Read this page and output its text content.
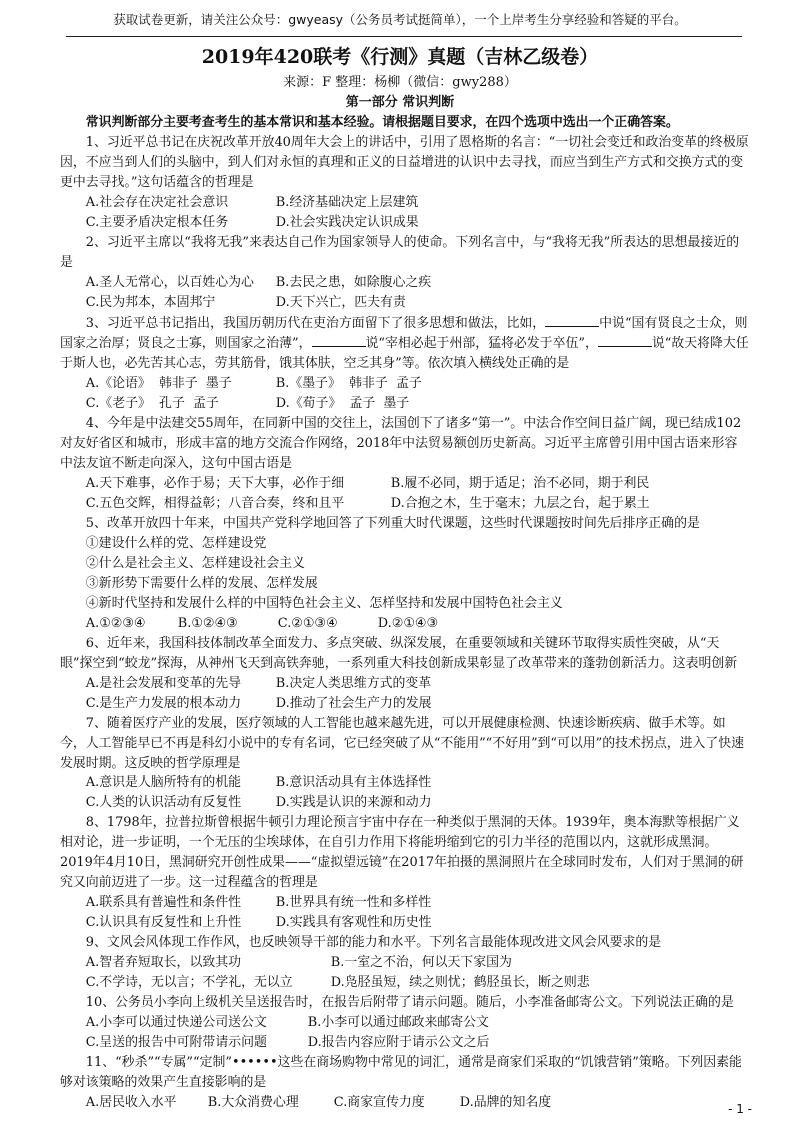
获取试卷更新，请关注公众号：gwyeasy（公务员考试挺简单），一个上岸考生分享经验和答疑的平台。
2019年420联考《行测》真题（吉林乙级卷）
来源：F 整理：杨柳（微信：gwy288）
第一部分 常识判断

常识判断部分主要考查考生的基本常识和基本经验。请根据题目要求，在四个选项中选出一个正确答案。

1、习近平总书记在庆祝改革开放40周年大会上的讲话中，引用了恩格斯的名言：“一切社会变迁和政治变革的终极原因，不应当到人们的头脑中，到人们对永恒的真理和正义的日益增进的认识中去寻找，而应当到生产方式和交换方式的变更中去寻找。”这句话蕴含的哲理是

A.社会存在决定社会意识	B.经济基础决定上层建筑
C.主要矛盾决定根本任务	D.社会实践决定认识成果

2、习近平主席以“我将无我”来表达自己作为国家领导人的使命。下列名言中，与“我将无我”所表达的思想最接近的是

A.圣人无常心，以百姓心为心 B.去民之患，如除腹心之疾
C.民为邦本，本固邦宁	D.天下兴亡，匹夫有责

3、习近平总书记指出，我国历朝历代在吏治方面留下了很多思想和做法，比如，	中说“国有贤良之士众，则国家之治厚；贤良之士寡，则国家之治薄”，	说“宰相必起于州部，猛将必发于卒伍”，	说“故天将降大任于斯人也，必先苦其心志，劳其筋骨，饿其体肤，空乏其身”等。依次填入横线处正确的是

A.《论语》  韩非子  墨子	B.《墨子》  韩非子  孟子
C.《老子》  孔子  孟子	D.《荀子》  孟子  墨子

4、今年是中法建交55周年，在同新中国的交往上，法国创下了诸多“第一”。中法合作空间日益广阔，现已结成102对友好省区和城市，形成丰富的地方交流合作网络，2018年中法贸易额创历史新高。习近平主席曾引用中国古语来形容中法友谊不断走向深入，这句中国古语是

A.天下难事，必作于易；天下大事，必作于细	B.履不必同，期于适足；治不必同，期于利民
C.五色交辉，相得益彰；八音合奏，终和且平	D.合抱之木，生于毫末；九层之台，起于累土

5、改革开放四十年来，中国共产党科学地回答了下列重大时代课题，这些时代课题按时间先后排序正确的是

①建设什么样的党、怎样建设党

②什么是社会主义、怎样建设社会主义

③新形势下需要什么样的发展、怎样发展

④新时代坚持和发展什么样的中国特色社会主义、怎样坚持和发展中国特色社会主义

A.①②③④	B.①②④③	C.②①③④	D.②①④③

6、近年来，我国科技体制改革全面发力、多点突破、纵深发展，在重要领域和关键环节取得实质性突破，从“天眼”探空到“蛟龙”探海，从神州飞天到高铁奔驰，一系列重大科技创新成果彰显了改革带来的蓬勃创新活力。这表明创新

A.是社会发展和变革的先导	B.决定人类思维方式的变革
C.是生产力发展的根本动力	D.推动了社会生产力的发展

7、随着医疗产业的发展，医疗领域的人工智能也越来越先进，可以开展健康检测、快速诊断疾病、做手术等。如今，人工智能早已不再是科幻小说中的专有名词，它已经突破了从“不能用”“不好用”到“可以用”的技术拐点，进入了快速发展时期。这反映的哲学原理是

A.意识是人脑所特有的机能	B.意识活动具有主体选择性
C.人类的认识活动有反复性	D.实践是认识的来源和动力

8、1798年，拉普拉斯曾根据牛顿引力理论预言宇宙中存在一种类似于黑洞的天体。1939年，奥本海默等根据广义相对论，进一步证明，一个无压的尘埃球体，在自引力作用下将能坍缩到它的引力半径的范围以内，这就形成黑洞。2019年4月10日，黑洞研究开创性成果——“虚拟望远镜”在2017年拍摄的黑洞照片在全球同时发布，人们对于黑洞的研究又向前迈进了一步。这一过程蕴含的哲理是

A.联系具有普遍性和条件性	B.世界具有统一性和多样性
C.认识具有反复性和上升性	D.实践具有客观性和历史性

9、文风会风体现工作作风，也反映领导干部的能力和水平。下列名言最能体现改进文风会风要求的是

A.智者弃短取长，以致其功	B.一室之不治，何以天下家国为
C.不学诗，无以言；不学礼，无以立	D.凫胫虽短，续之则忧；鹤胫虽长，断之则悲

10、公务员小李向上级机关呈送报告时，在报告后附带了请示问题。随后，小李准备邮寄公文。下列说法正确的是

A.小李可以通过快递公司送公文	B.小李可以通过邮政来邮寄公文
C.呈送的报告中可附带请示问题	D.报告内容应附于请示公文之后

11、“秒杀”“专属”“定制”••••••这些在商场购物中常见的词汇，通常是商家们采取的“饥饿营销”策略。下列因素能够对该策略的效果产生直接影响的是

A.居民收入水平 B.大众消费心理	C.商家宣传力度	D.品牌的知名度	- 1 -
